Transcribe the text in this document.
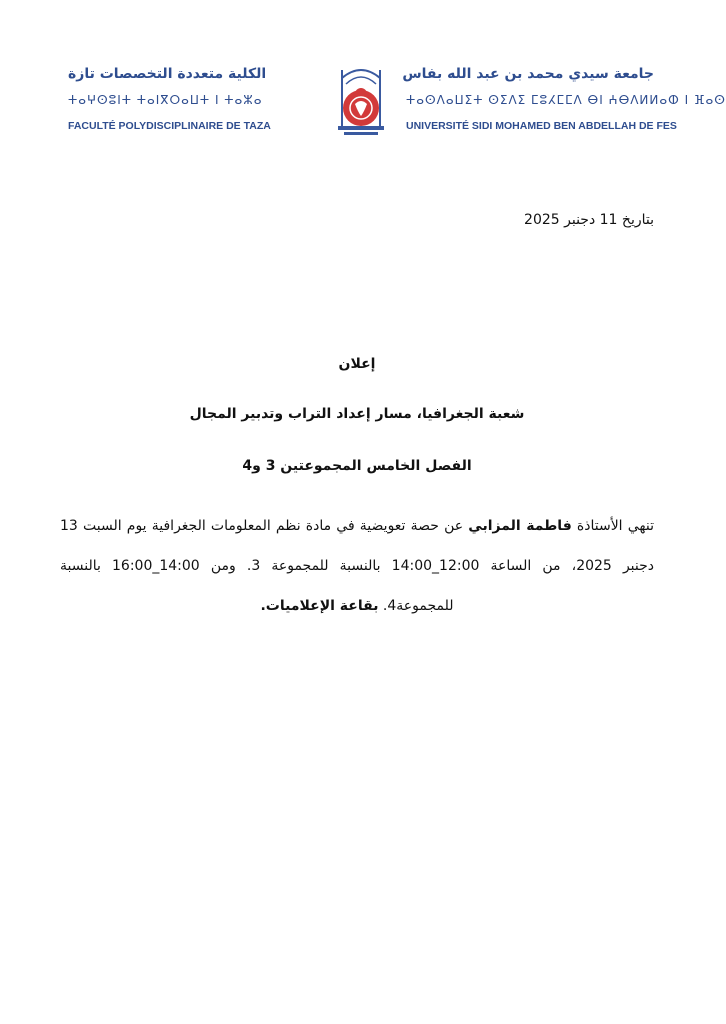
الكلية متعددة التخصصات تازة
ⵜⴰⵖⵙⵓⵏⵜ ⵜⴰⵏⴳⵔⴰⵡⵜ ⵏ ⵜⴰⵣⴰ
FACULTÉ POLYDISCIPLINAIRE DE TAZA
جامعة سيدي محمد بن عبد الله بفاس
ⵜⴰⵙⴷⴰⵡⵉⵜ ⵙⵉⴷⵉ ⵎⵓⵃⵎⵎⴷ ⴱⵏ ⵄⴱⴷⵍⵍⴰⵀ ⵏ ⴼⴰⵙ
UNIVERSITÉ SIDI MOHAMED BEN ABDELLAH DE FES
بتاريخ 11 دجنبر 2025
إعلان
شعبة الجغرافيا، مسار إعداد التراب وتدبير المجال
الفصل الخامس المجموعتين 3 و4
تنهي الأستاذة فاطمة المزابي عن حصة تعويضية في مادة نظم المعلومات الجغرافية يوم السبت 13 دجنبر 2025، من الساعة 12:00_14:00 بالنسبة للمجموعة 3. ومن 14:00_16:00 بالنسبة للمجموعة4. بقاعة الإعلاميات.
